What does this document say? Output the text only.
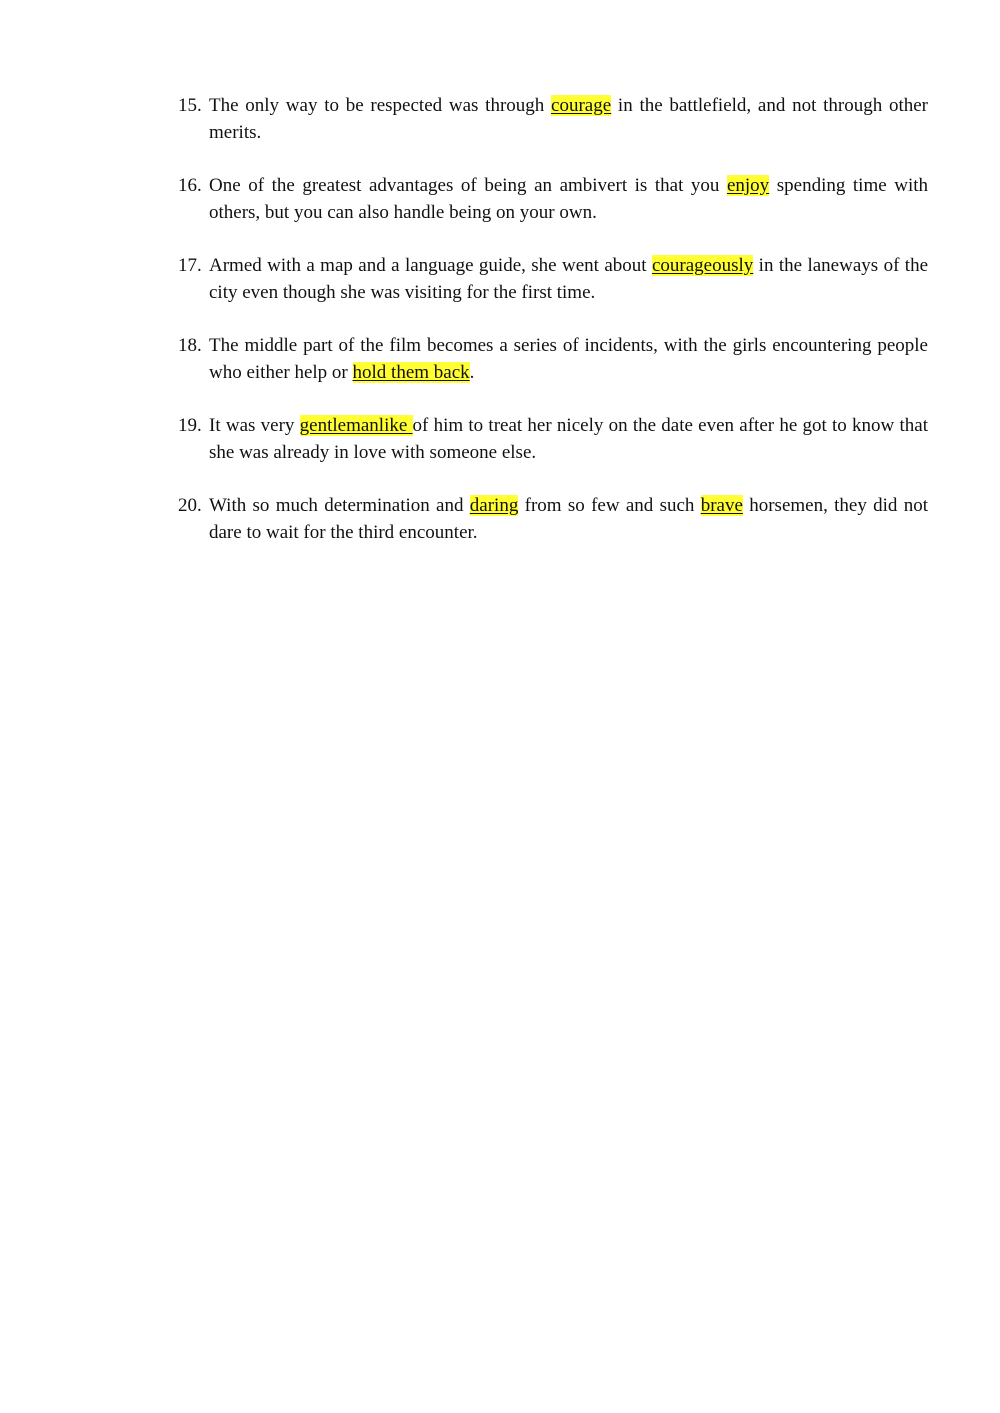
15. The only way to be respected was through courage in the battlefield, and not through other merits.
16. One of the greatest advantages of being an ambivert is that you enjoy spending time with others, but you can also handle being on your own.
17. Armed with a map and a language guide, she went about courageously in the laneways of the city even though she was visiting for the first time.
18. The middle part of the film becomes a series of incidents, with the girls encountering people who either help or hold them back.
19. It was very gentlemanlike of him to treat her nicely on the date even after he got to know that she was already in love with someone else.
20. With so much determination and daring from so few and such brave horsemen, they did not dare to wait for the third encounter.
